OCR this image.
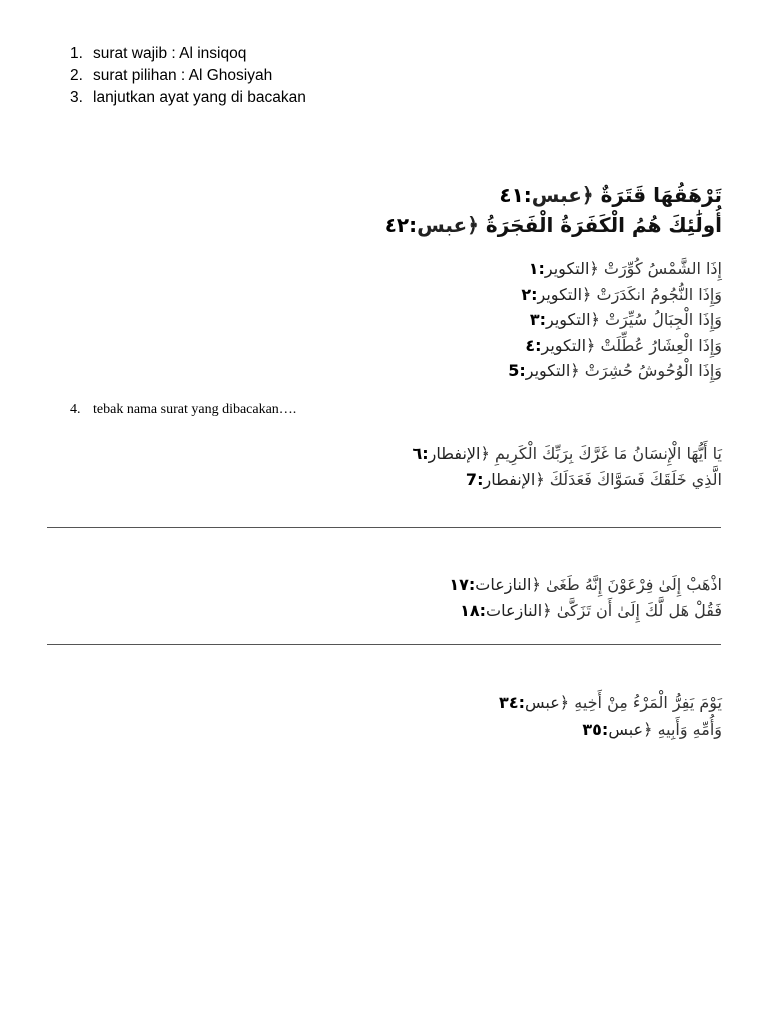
1. surat wajib : Al insiqoq
2. surat pilihan : Al Ghosiyah
3. lanjutkan ayat yang di bacakan
تَرْهَقُهَا قَتَرَةٌ ﴿عبس:٤١
أُولَٰئِكَ هُمُ الْكَفَرَةُ الْفَجَرَةُ ﴿عبس:٤٢
إِذَا الشَّمْسُ كُوِّرَتْ ﴿التكوير:١
وَإِذَا النُّجُومُ انكَدَرَتْ ﴿التكوير:٢
وَإِذَا الْجِبَالُ سُيِّرَتْ ﴿التكوير:٣
وَإِذَا الْعِشَارُ عُطِّلَتْ ﴿التكوير:٤
وَإِذَا الْوُحُوشُ حُشِرَتْ ﴿التكوير:5
4. tebak nama surat yang dibacakan….
يَا أَيُّهَا الْإِنسَانُ مَا غَرَّكَ بِرَبِّكَ الْكَرِيمِ ﴿الإنفطار:٦
الَّذِي خَلَقَكَ فَسَوَّاكَ فَعَدَلَكَ ﴿الإنفطار:7
اذْهَبْ إِلَىٰ فِرْعَوْنَ إِنَّهُ طَغَىٰ ﴿النازعات:١٧
فَقُلْ هَل لَّكَ إِلَىٰ أَن تَزَكَّىٰ ﴿النازعات:١٨
يَوْمَ يَفِرُّ الْمَرْءُ مِنْ أَخِيهِ ﴿عبس:٣٤
وَأُمِّهِ وَأَبِيهِ ﴿عبس:٣٥
